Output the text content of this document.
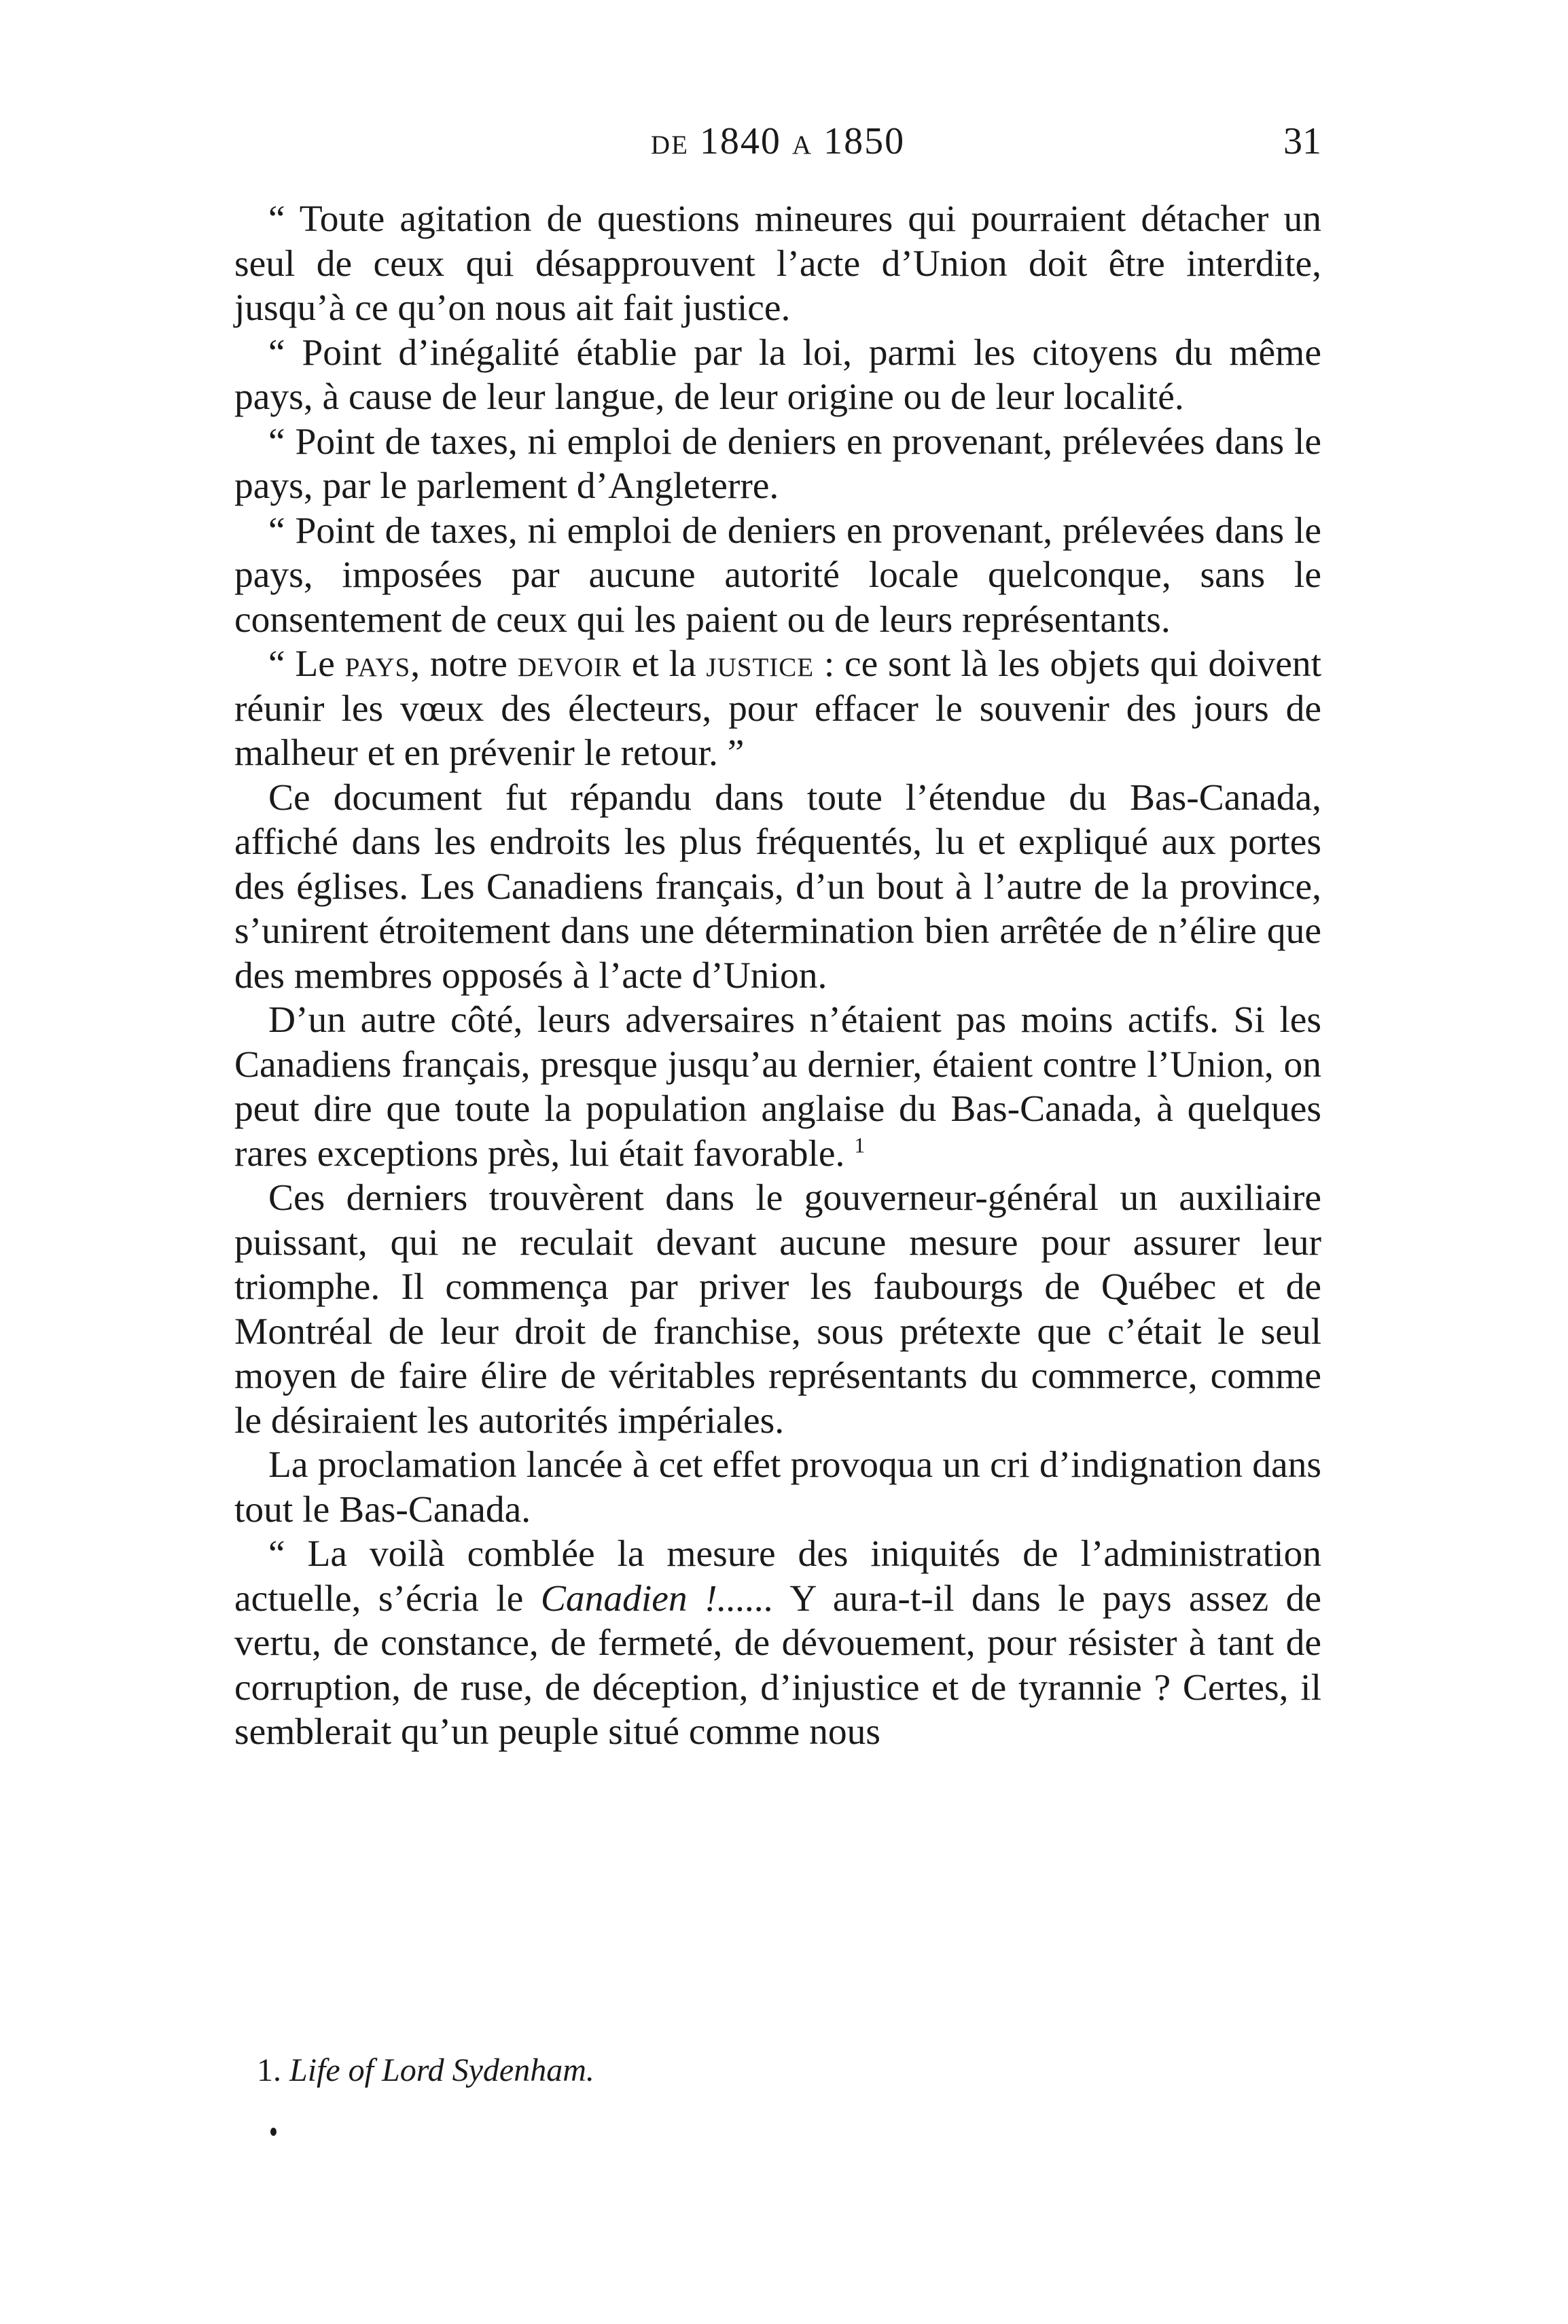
de 1840 a 1850	31

“ Toute agitation de questions mineures qui pourraient détacher un seul de ceux qui désapprouvent l’acte d’Union doit être interdite, jusqu’à ce qu’on nous ait fait justice.

“ Point d’inégalité établie par la loi, parmi les citoyens du même pays, à cause de leur langue, de leur origine ou de leur localité.

“ Point de taxes, ni emploi de deniers en provenant, prélevées dans le pays, par le parlement d’Angleterre.

“ Point de taxes, ni emploi de deniers en provenant, prélevées dans le pays, imposées par aucune autorité locale quelconque, sans le consentement de ceux qui les paient ou de leurs représentants.

“ Le pays, notre devoir et la justice : ce sont là les objets qui doivent réunir les vœux des électeurs, pour effacer le souvenir des jours de malheur et en prévenir le retour. ”

Ce document fut répandu dans toute l’étendue du Bas-Canada, affiché dans les endroits les plus fréquentés, lu et expliqué aux portes des églises. Les Canadiens français, d’un bout à l’autre de la province, s’unirent étroitement dans une détermination bien arrêtée de n’élire que des membres opposés à l’acte d’Union.

D’un autre côté, leurs adversaires n’étaient pas moins actifs. Si les Canadiens français, presque jusqu’au dernier, étaient contre l’Union, on peut dire que toute la population anglaise du Bas-Canada, à quelques rares exceptions près, lui était favorable. $^1$

Ces derniers trouvèrent dans le gouverneur-général un auxiliaire puissant, qui ne reculait devant aucune mesure pour assurer leur triomphe. Il commença par priver les faubourgs de Québec et de Montréal de leur droit de franchise, sous prétexte que c’était le seul moyen de faire élire de véritables représentants du commerce, comme le désiraient les autorités impériales.

La proclamation lancée à cet effet provoqua un cri d’indignation dans tout le Bas-Canada.

“ La voilà comblée la mesure des iniquités de l’administration actuelle, s’écria le Canadien !...... Y aura-t-il dans le pays assez de vertu, de constance, de fermeté, de dévouement, pour résister à tant de corruption, de ruse, de déception, d’injustice et de tyrannie ? Certes, il semblerait qu’un peuple situé comme nous

1. Life of Lord Sydenham.
